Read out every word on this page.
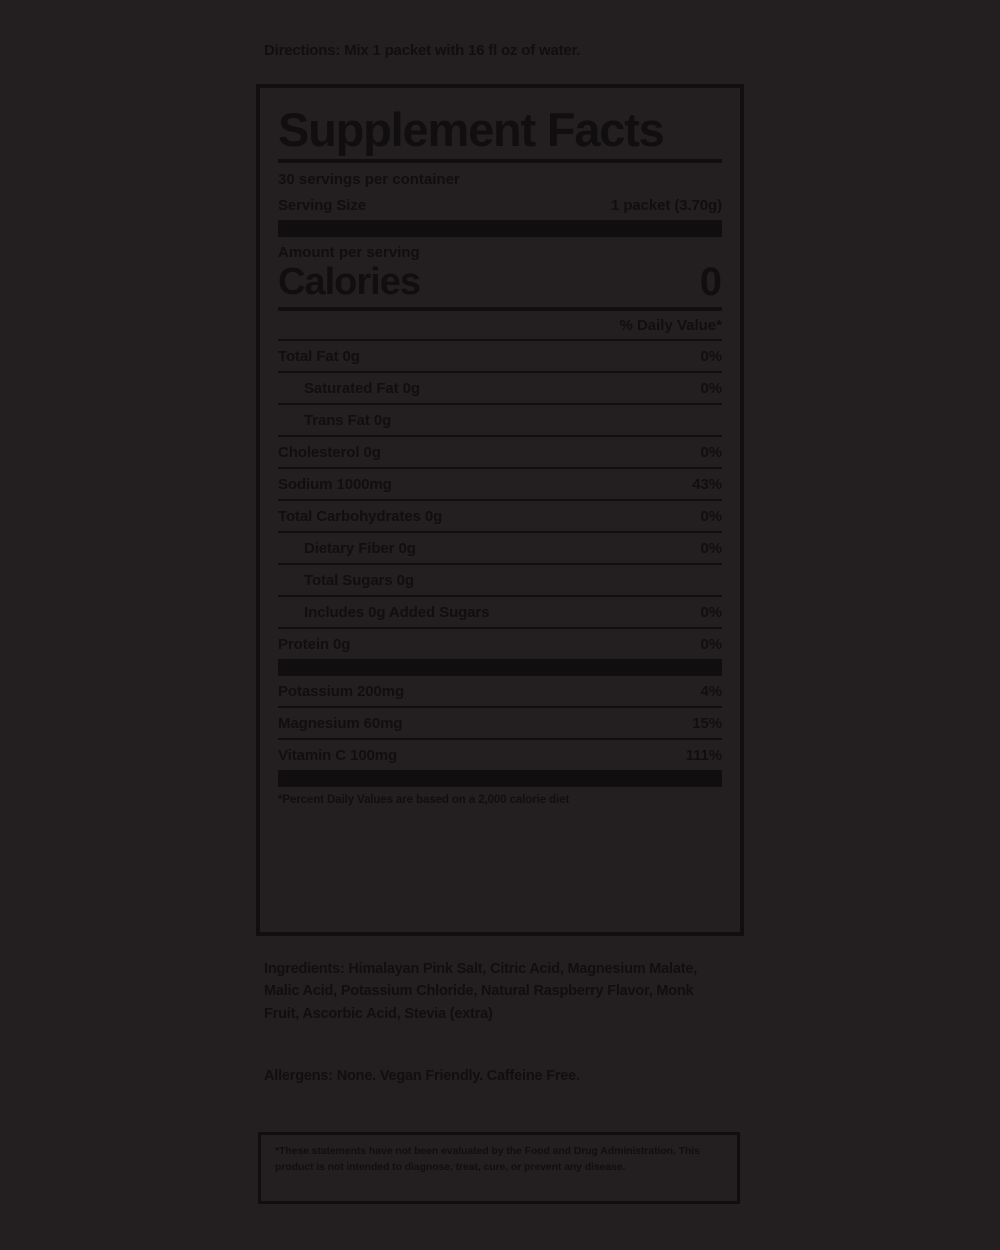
Directions: Mix 1 packet with 16 fl oz of water.
Supplement Facts
30 servings per container
Serving Size	1 packet (3.70g)
Amount per serving
Calories	0
% Daily Value*
Total Fat 0g	0%
Saturated Fat 0g	0%
Trans Fat 0g
Cholesterol 0g	0%
Sodium 1000mg	43%
Total Carbohydrates 0g	0%
Dietary Fiber 0g	0%
Total Sugars 0g
Includes 0g Added Sugars	0%
Protein 0g	0%
Potassium 200mg	4%
Magnesium 60mg	15%
Vitamin C 100mg	111%
*Percent Daily Values are based on a 2,000 calorie diet
Ingredients: Himalayan Pink Salt, Citric Acid, Magnesium Malate, Malic Acid, Potassium Chloride, Natural Raspberry Flavor, Monk Fruit, Ascorbic Acid, Stevia (extra)
Allergens: None. Vegan Friendly. Caffeine Free.
*These statements have not been evaluated by the Food and Drug Administration. This product is not intended to diagnose, treat, cure, or prevent any disease.
